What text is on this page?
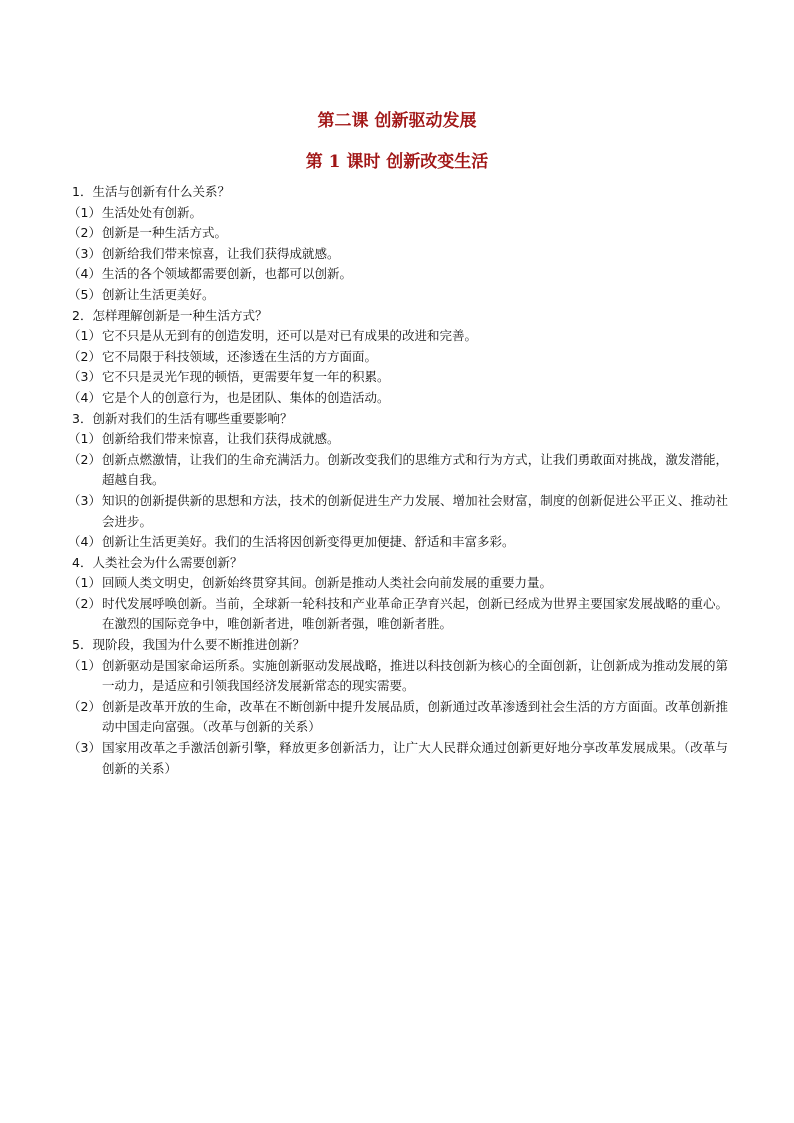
第二课 创新驱动发展
第 1 课时 创新改变生活

1．生活与创新有什么关系？

（1）生活处处有创新。

（2）创新是一种生活方式。

（3）创新给我们带来惊喜，让我们获得成就感。

（4）生活的各个领域都需要创新，也都可以创新。

（5）创新让生活更美好。

2．怎样理解创新是一种生活方式？

（1）它不只是从无到有的创造发明，还可以是对已有成果的改进和完善。

（2）它不局限于科技领域，还渗透在生活的方方面面。

（3）它不只是灵光乍现的顿悟，更需要年复一年的积累。

（4）它是个人的创意行为，也是团队、集体的创造活动。

3．创新对我们的生活有哪些重要影响？

（1）创新给我们带来惊喜，让我们获得成就感。

（2）创新点燃激情，让我们的生命充满活力。创新改变我们的思维方式和行为方式，让我们勇敢面对挑战，激发潜能，超越自我。

（3）知识的创新提供新的思想和方法，技术的创新促进生产力发展、增加社会财富，制度的创新促进公平正义、推动社会进步。

（4）创新让生活更美好。我们的生活将因创新变得更加便捷、舒适和丰富多彩。

4．人类社会为什么需要创新？

（1）回顾人类文明史，创新始终贯穿其间。创新是推动人类社会向前发展的重要力量。

（2）时代发展呼唤创新。当前，全球新一轮科技和产业革命正孕育兴起，创新已经成为世界主要国家发展战略的重心。在激烈的国际竞争中，唯创新者进，唯创新者强，唯创新者胜。

5．现阶段，我国为什么要不断推进创新？

（1）创新驱动是国家命运所系。实施创新驱动发展战略，推进以科技创新为核心的全面创新，让创新成为推动发展的第一动力，是适应和引领我国经济发展新常态的现实需要。

（2）创新是改革开放的生命，改革在不断创新中提升发展品质，创新通过改革渗透到社会生活的方方面面。改革创新推动中国走向富强。（改革与创新的关系）

（3）国家用改革之手激活创新引擎，释放更多创新活力，让广大人民群众通过创新更好地分享改革发展成果。（改革与创新的关系）
